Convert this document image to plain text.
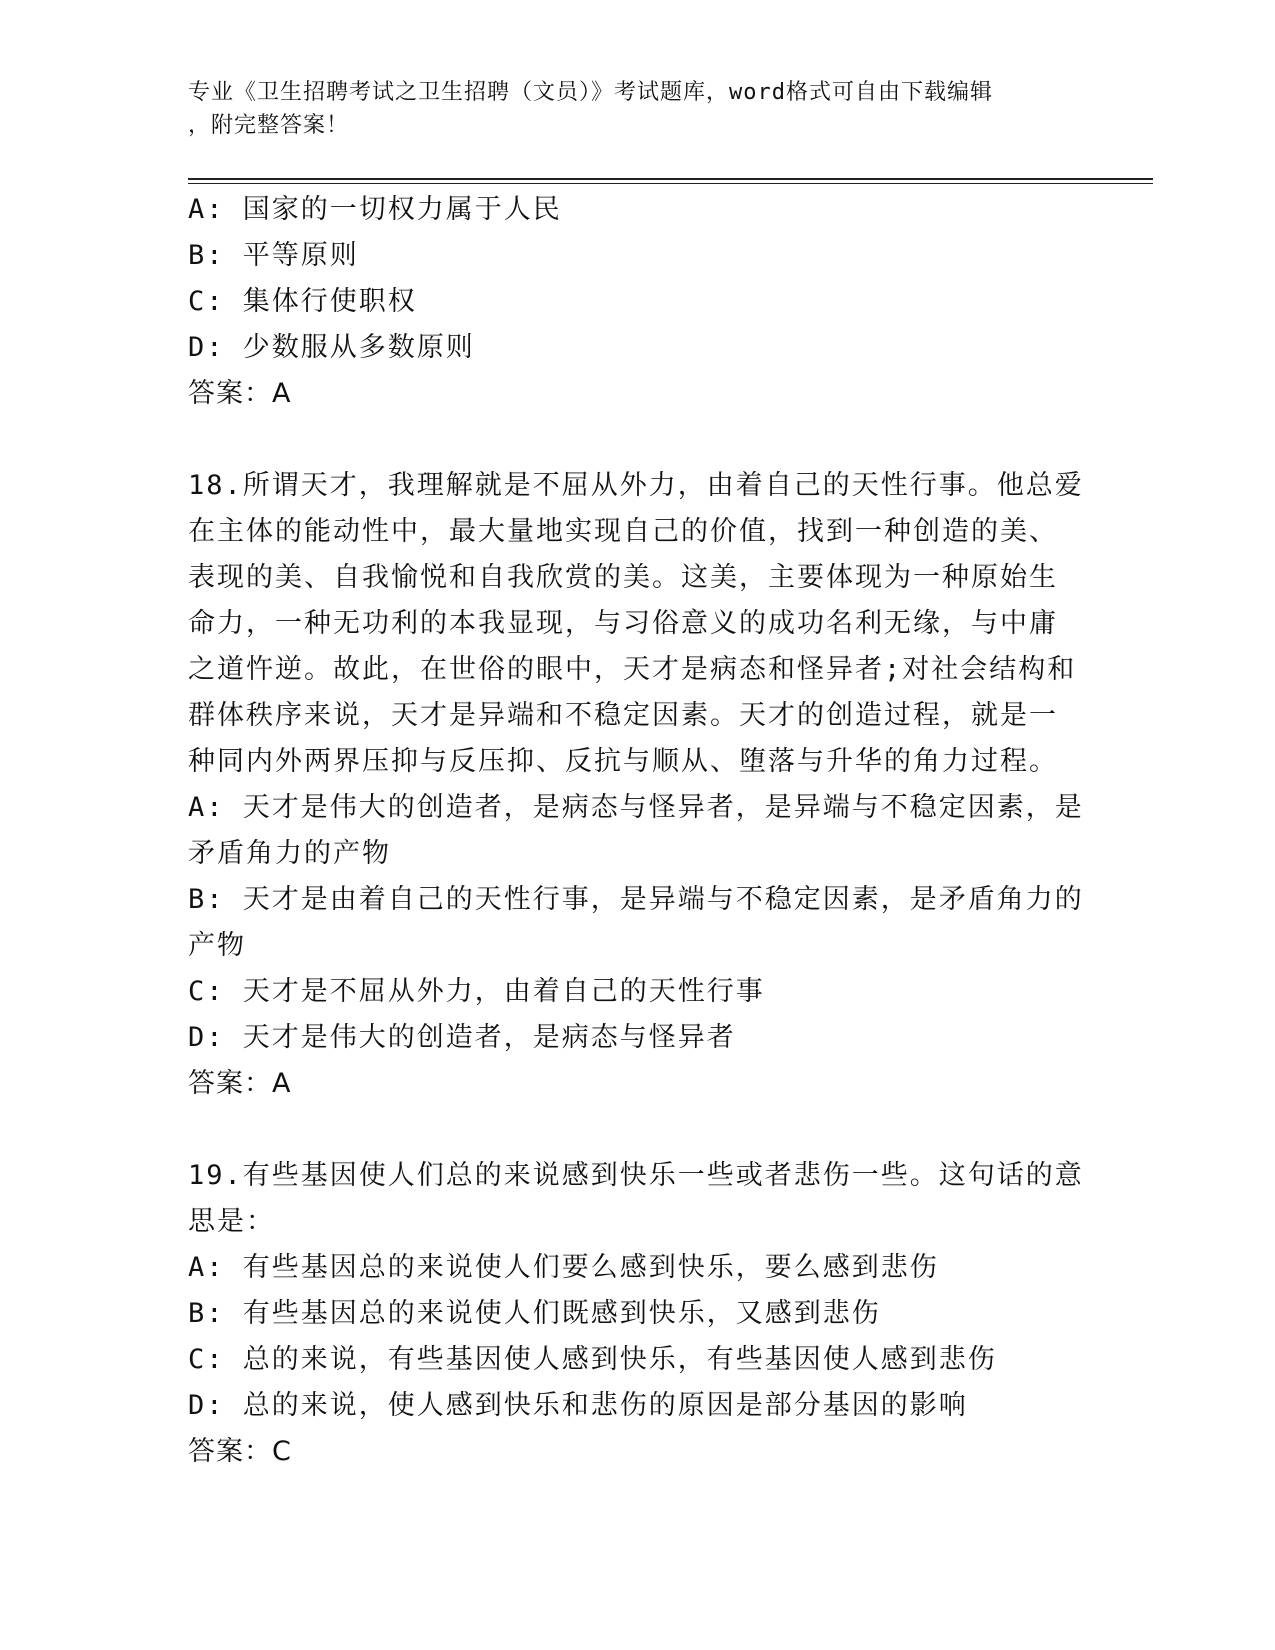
专业《卫生招聘考试之卫生招聘（文员）》考试题库，word格式可自由下载编辑
，附完整答案！
A: 国家的一切权力属于人民
B: 平等原则
C: 集体行使职权
D: 少数服从多数原则
答案：A
18.所谓天才，我理解就是不屈从外力，由着自己的天性行事。他总爱
在主体的能动性中，最大量地实现自己的价值，找到一种创造的美、
表现的美、自我愉悦和自我欣赏的美。这美，主要体现为一种原始生
命力，一种无功利的本我显现，与习俗意义的成功名利无缘，与中庸
之道忤逆。故此，在世俗的眼中，天才是病态和怪异者;对社会结构和
群体秩序来说，天才是异端和不稳定因素。天才的创造过程，就是一
种同内外两界压抑与反压抑、反抗与顺从、堕落与升华的角力过程。
A: 天才是伟大的创造者，是病态与怪异者，是异端与不稳定因素，是
矛盾角力的产物
B: 天才是由着自己的天性行事，是异端与不稳定因素，是矛盾角力的
产物
C: 天才是不屈从外力，由着自己的天性行事
D: 天才是伟大的创造者，是病态与怪异者
答案：A
19.有些基因使人们总的来说感到快乐一些或者悲伤一些。这句话的意
思是：
A: 有些基因总的来说使人们要么感到快乐，要么感到悲伤
B: 有些基因总的来说使人们既感到快乐，又感到悲伤
C: 总的来说，有些基因使人感到快乐，有些基因使人感到悲伤
D: 总的来说，使人感到快乐和悲伤的原因是部分基因的影响
答案：C
